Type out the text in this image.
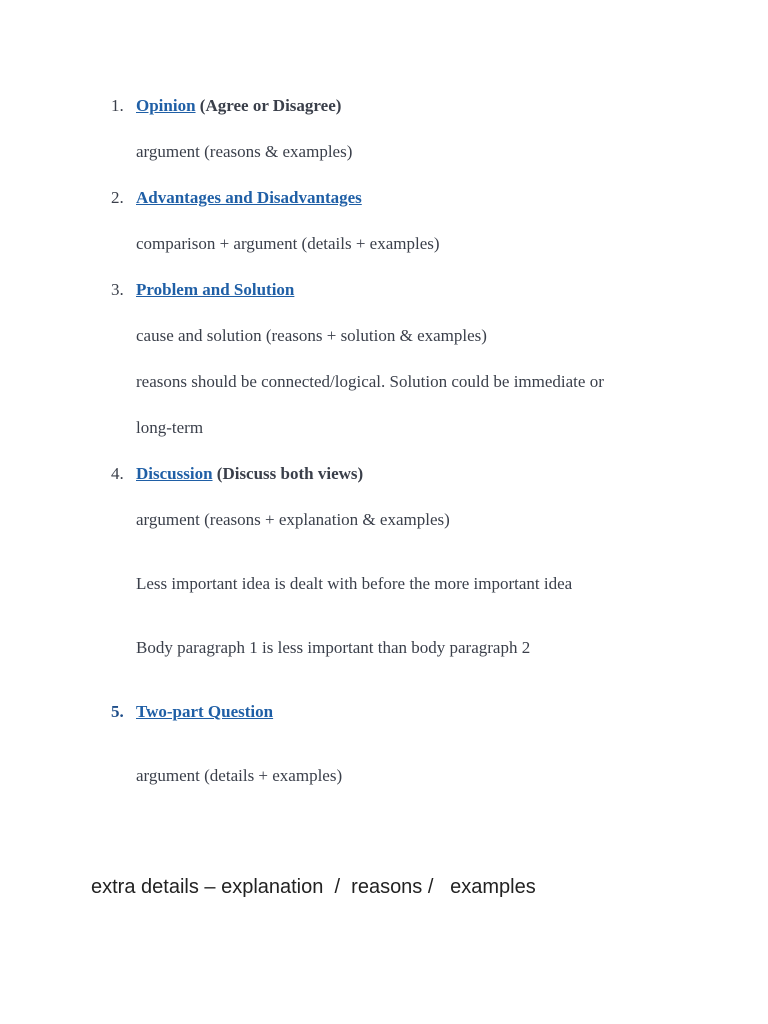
1. Opinion (Agree or Disagree)
argument (reasons & examples)
2. Advantages and Disadvantages
comparison + argument (details + examples)
3. Problem and Solution
cause and solution (reasons + solution & examples)
reasons should be connected/logical. Solution could be immediate or
long-term
4. Discussion (Discuss both views)
argument (reasons + explanation & examples)
Less important idea is dealt with before the more important idea
Body paragraph 1 is less important than body paragraph 2
5. Two-part Question
argument (details + examples)
extra details – explanation  /  reasons /   examples
